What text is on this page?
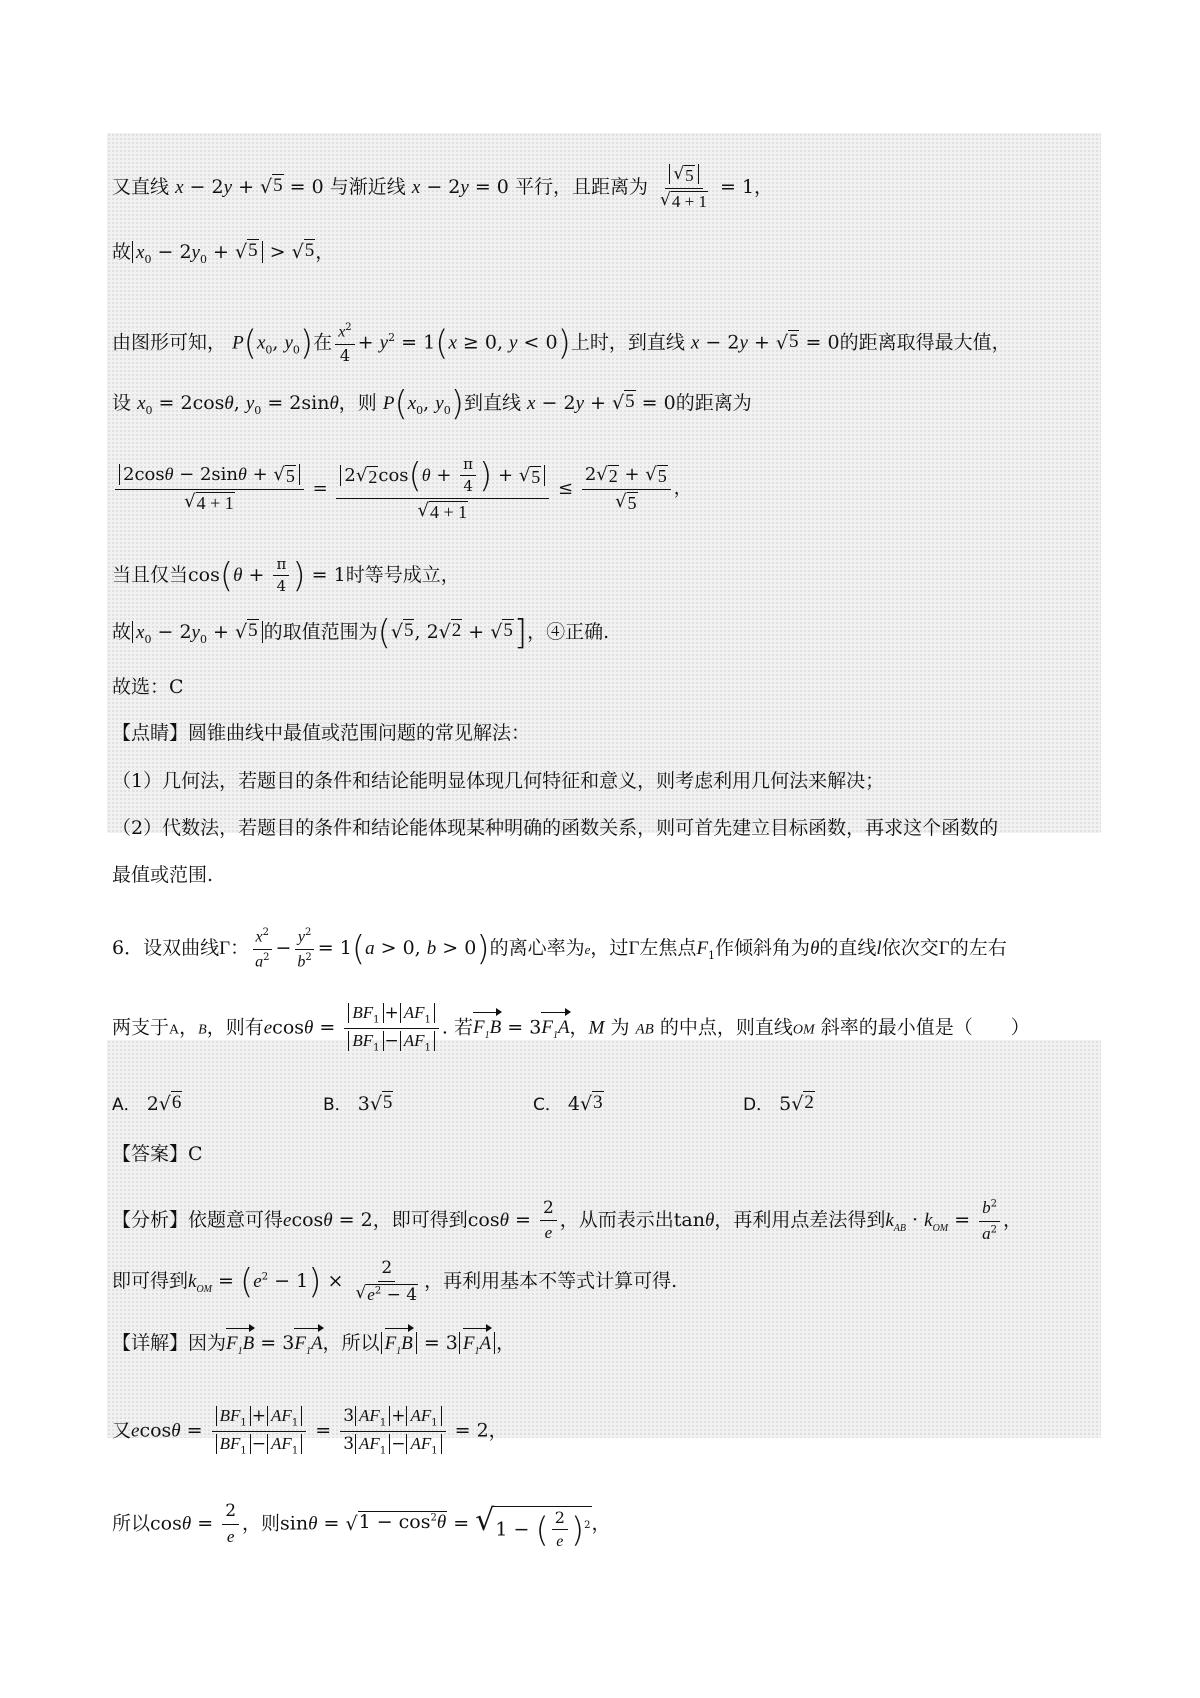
又直线 x − 2y + √ 5 = 0 与渐近线 x − 2y = 0 平行，且距离为 $\frac{√ 5}{√ 4 + 1} = 1$，
故 $x_0 - 2y_0$ + √ 5 > √ 5 ，
由图形可知， $P(x_0$, $y_0$)在 $\frac{x^2}{4} + y^2 = 1(x \ge 0$, y < 0)上时，到直线 x − 2y + √ 5 = 0的距离取得最大值，
设 $x_0 = 2\cos\theta$, $y_0 = 2\sin\theta$，则 $P(x_0$, $y_0$)到直线 x − 2y + √ 5 = 0的距离为
$\frac{2\cos\theta - 2\sin\theta + √ 5}{√ 4 + 1} = \frac{2 √ 2 \cos(\theta + \frac{\pi}{4} ) + √ 5}{√ 4 + 1} \le \frac{2 √ 2 + √ 5}{√ 5}$ ，
当且仅当$\cos(\theta + \frac{\pi}{4}$ ) = 1时等号成立，
故 $x_0 - 2y_0$ + √ 5 的取值范围为( √ 5 , 2 √ 2 + √ 5 ]，④正确.
故选：C
【点睛】圆锥曲线中最值或范围问题的常见解法：
（1）几何法，若题目的条件和结论能明显体现几何特征和意义，则考虑利用几何法来解决；
（2）代数法，若题目的条件和结论能体现某种明确的函数关系，则可首先建立目标函数，再求这个函数的
最值或范围.
6．设双曲线Γ： $\frac{x^2}{a^2} - \frac{y^2}{b^2} = 1(a > 0$, b > 0)的离心率为e，过Γ左焦点$F_1$作倾斜角为θ的直线l依次交Γ的左右
两支于A，B，则有$ecos\theta = \frac{BF_1 + AF_1}{BF_1 - AF_1}$ . 若$F_1B = 3F_1A$，M 为 AB 的中点，则直线OM 斜率的最小值是（　　）
A． 2 √ 6	B． 3 √ 5	C． 4 √ 3	D． 5 √ 2
【答案】C
【分析】依题意可得ecosθ = 2，即可得到$\cos\theta = \frac{2}{e}$ ，从而表示出tanθ，再利用点差法得到$k_{AB} \cdot k_{OM} = \frac{b^2}{a^2}$ ，
即可得到$k_{OM} = (e^2 - 1) \times \frac{2}{√ e^2 - 4}$ ，再利用基本不等式计算可得.
【详解】因为$F_1B = 3F_1A$，所以 $F_1B = 3$ $F_1A$ ，
又$ecos\theta = \frac{BF_1 + AF_1}{BF_1 - AF_1} = \frac{3 AF_1 + AF_1}{3 AF_1 - AF_1} = 2$，
所以$\cos\theta = \frac{2}{e}$ ，则sinθ = √ $1 - \cos^2\theta$ = √ 1 − ( $\frac{2}{e} )^2$ ，
